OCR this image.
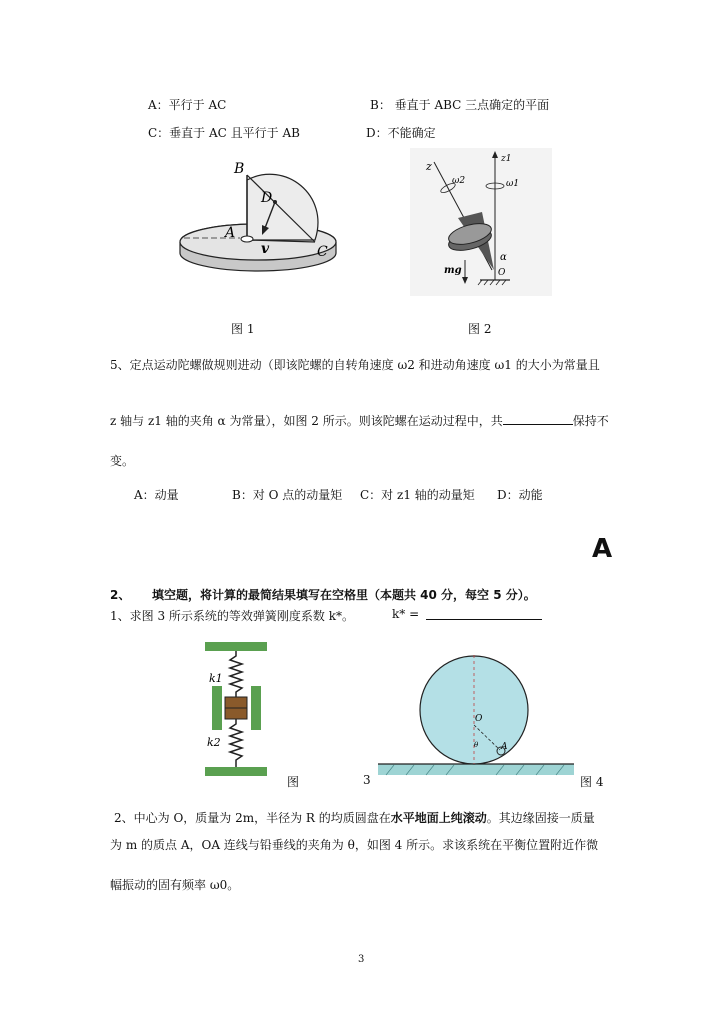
A：平行于 AC	B： 垂直于 ABC 三点确定的平面
C：垂直于 AC 且平行于 AB	D：不能确定
B
D
A
C
v
z
z1
ω2	ω1
α
mg	O
图 1	图 2
5、定点运动陀螺做规则进动（即该陀螺的自转角速度 ω2 和进动角速度 ω1 的大小为常量且
z 轴与 z1 轴的夹角 α 为常量），如图 2 所示。则该陀螺在运动过程中，共	保持不
变。
A：动量	B：对 O 点的动量矩 C：对 z1 轴的动量矩 D：动能
A
2、 填空题，将计算的最简结果填写在空格里（本题共 40 分，每空 5 分）。
1、求图 3 所示系统的等效弹簧刚度系数 k*。	k* =
k1
k2
图	3
O
θ	A
图 4
2、中心为 O，质量为 2m，半径为 R 的均质圆盘在水平地面上纯滚动。其边缘固接一质量
为 m 的质点 A，OA 连线与铅垂线的夹角为 θ，如图 4 所示。求该系统在平衡位置附近作微
幅振动的固有频率 ω0。
3
